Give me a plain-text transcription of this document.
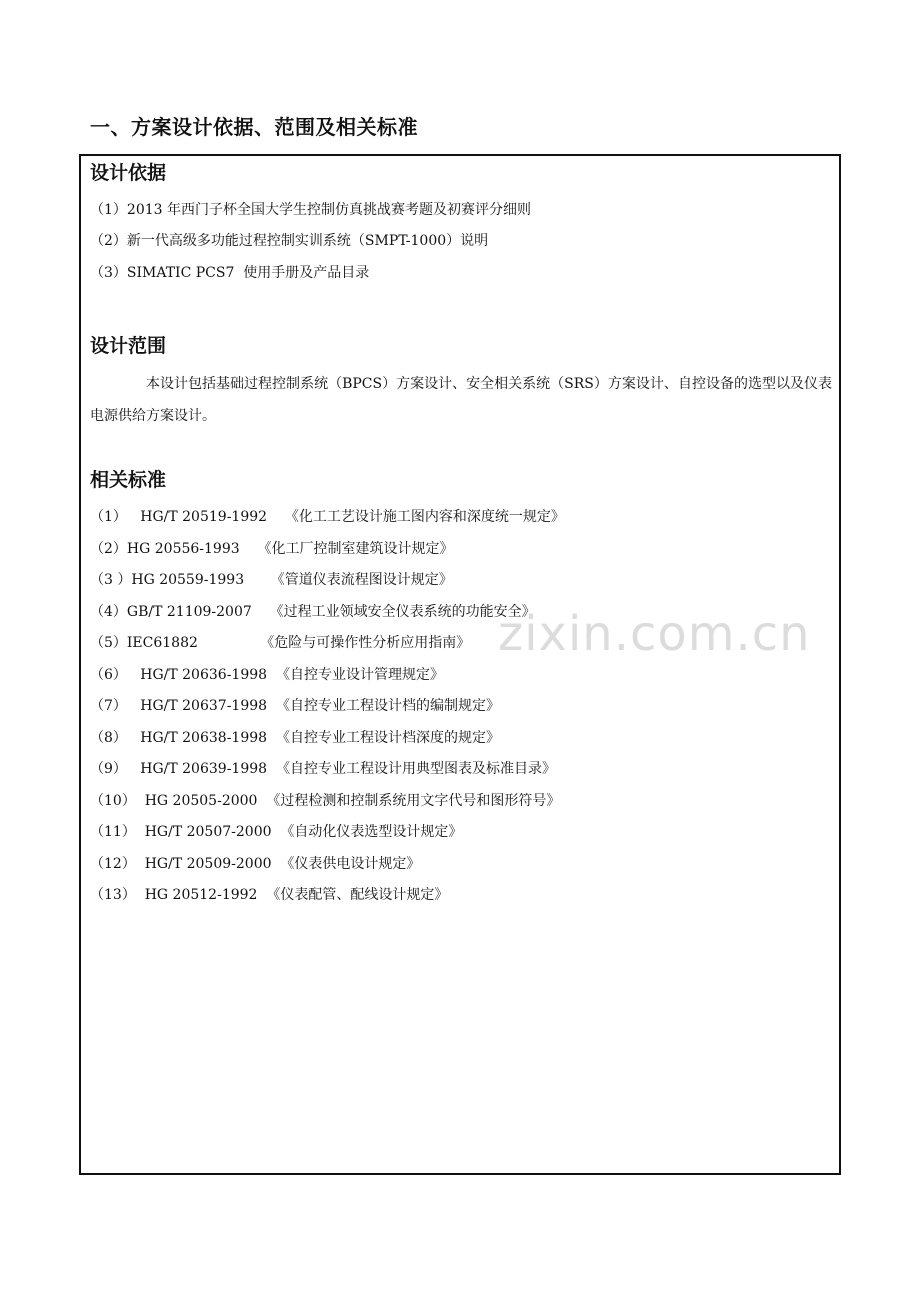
一、方案设计依据、范围及相关标准
设计依据
（1）2013 年西门子杯全国大学生控制仿真挑战赛考题及初赛评分细则
（2）新一代高级多功能过程控制实训系统（SMPT-1000）说明
（3）SIMATIC PCS7  使用手册及产品目录
设计范围
本设计包括基础过程控制系统（BPCS）方案设计、安全相关系统（SRS）方案设计、自控设备的选型以及仪表电源供给方案设计。
相关标准
（1）   HG/T 20519-1992    《化工工艺设计施工图内容和深度统一规定》
（2）HG 20556-1993    《化工厂控制室建筑设计规定》
（3 ）HG 20559-1993      《管道仪表流程图设计规定》
（4）GB/T 21109-2007    《过程工业领域安全仪表系统的功能安全》
（5）IEC61882              《危险与可操作性分析应用指南》
（6）   HG/T 20636-1998  《自控专业设计管理规定》
（7）   HG/T 20637-1998  《自控专业工程设计档的编制规定》
（8）   HG/T 20638-1998  《自控专业工程设计档深度的规定》
（9）   HG/T 20639-1998  《自控专业工程设计用典型图表及标准目录》
（10）  HG 20505-2000  《过程检测和控制系统用文字代号和图形符号》
（11）  HG/T 20507-2000  《自动化仪表选型设计规定》
（12）  HG/T 20509-2000  《仪表供电设计规定》
（13）  HG 20512-1992  《仪表配管、配线设计规定》
zixin.com.cn
